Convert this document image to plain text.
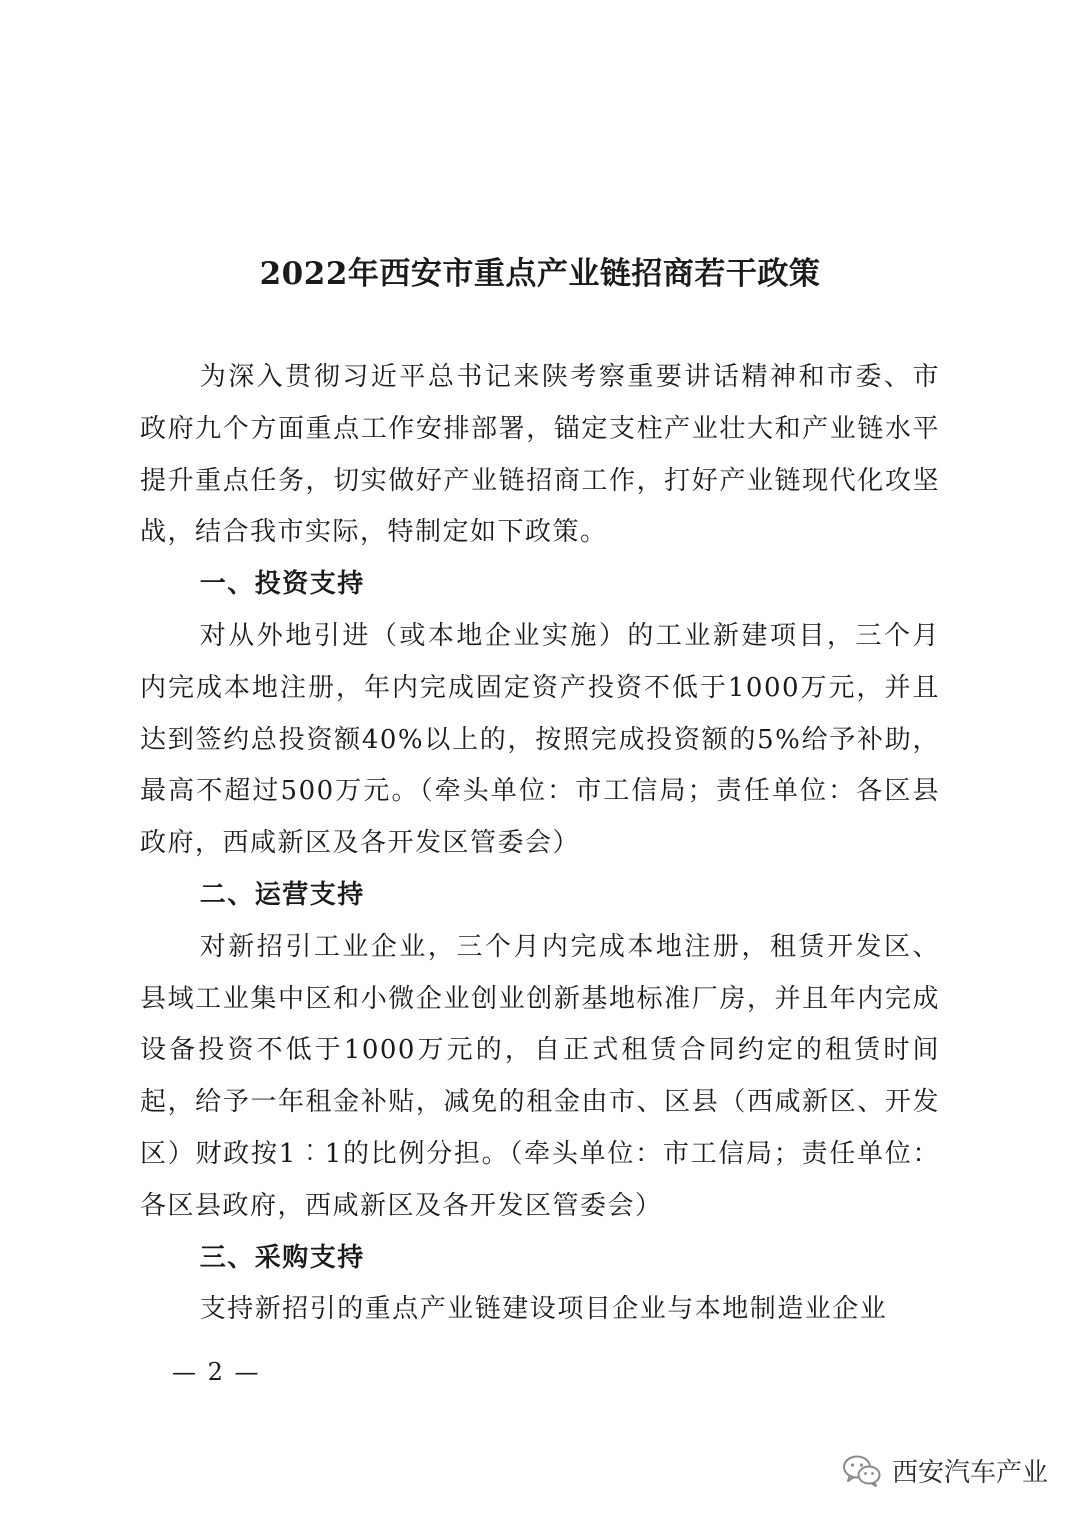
2022年西安市重点产业链招商若干政策

为深入贯彻习近平总书记来陕考察重要讲话精神和市委、市政府九个方面重点工作安排部署，锚定支柱产业壮大和产业链水平提升重点任务，切实做好产业链招商工作，打好产业链现代化攻坚战，结合我市实际，特制定如下政策。

一、投资支持

对从外地引进（或本地企业实施）的工业新建项目，三个月内完成本地注册，年内完成固定资产投资不低于1000万元，并且达到签约总投资额40%以上的，按照完成投资额的5%给予补助，最高不超过500万元。（牵头单位：市工信局；责任单位：各区县政府，西咸新区及各开发区管委会）

二、运营支持

对新招引工业企业，三个月内完成本地注册，租赁开发区、县域工业集中区和小微企业创业创新基地标准厂房，并且年内完成设备投资不低于1000万元的，自正式租赁合同约定的租赁时间起，给予一年租金补贴，减免的租金由市、区县（西咸新区、开发区）财政按1︰1的比例分担。（牵头单位：市工信局；责任单位：各区县政府，西咸新区及各开发区管委会）

三、采购支持

支持新招引的重点产业链建设项目企业与本地制造业企业

— 2 —
西安汽车产业
